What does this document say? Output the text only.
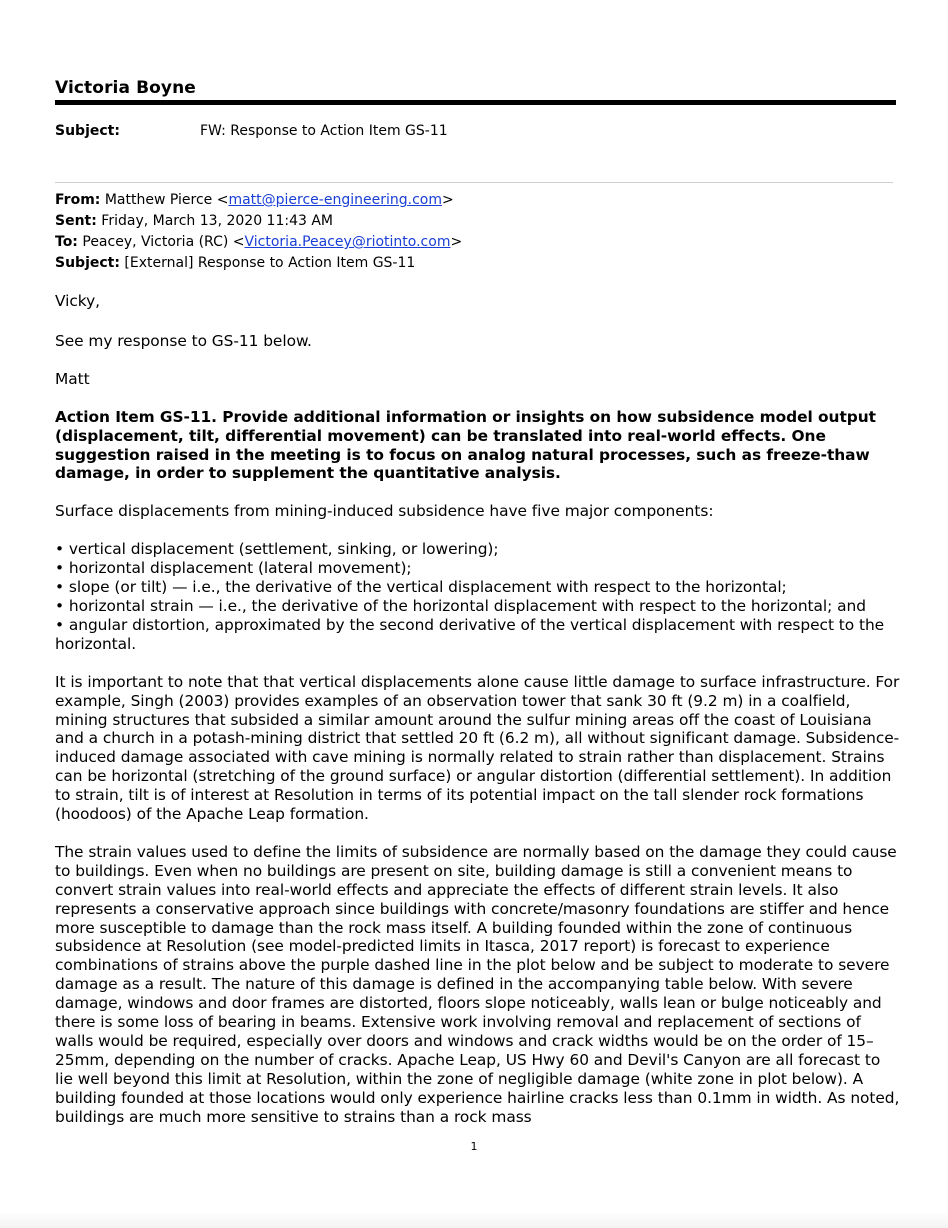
Victoria Boyne
Subject:	FW: Response to Action Item GS-11
From: Matthew Pierce <matt@pierce-engineering.com>
Sent: Friday, March 13, 2020 11:43 AM
To: Peacey, Victoria (RC) <Victoria.Peacey@riotinto.com>
Subject: [External] Response to Action Item GS-11

Vicky,

See my response to GS-11 below.

Matt

Action Item GS-11. Provide additional information or insights on how subsidence model output (displacement, tilt, differential movement) can be translated into real-world effects. One suggestion raised in the meeting is to focus on analog natural processes, such as freeze-thaw damage, in order to supplement the quantitative analysis.

Surface displacements from mining-induced subsidence have five major components:

• vertical displacement (settlement, sinking, or lowering);
• horizontal displacement (lateral movement);
• slope (or tilt) — i.e., the derivative of the vertical displacement with respect to the horizontal;
• horizontal strain — i.e., the derivative of the horizontal displacement with respect to the horizontal; and
• angular distortion, approximated by the second derivative of the vertical displacement with respect to the horizontal.

It is important to note that that vertical displacements alone cause little damage to surface infrastructure. For example, Singh (2003) provides examples of an observation tower that sank 30 ft (9.2 m) in a coalfield, mining structures that subsided a similar amount around the sulfur mining areas off the coast of Louisiana and a church in a potash-mining district that settled 20 ft (6.2 m), all without significant damage. Subsidence-induced damage associated with cave mining is normally related to strain rather than displacement. Strains can be horizontal (stretching of the ground surface) or angular distortion (differential settlement). In addition to strain, tilt is of interest at Resolution in terms of its potential impact on the tall slender rock formations (hoodoos) of the Apache Leap formation.

The strain values used to define the limits of subsidence are normally based on the damage they could cause to buildings. Even when no buildings are present on site, building damage is still a convenient means to convert strain values into real-world effects and appreciate the effects of different strain levels. It also represents a conservative approach since buildings with concrete/masonry foundations are stiffer and hence more susceptible to damage than the rock mass itself. A building founded within the zone of continuous subsidence at Resolution (see model-predicted limits in Itasca, 2017 report) is forecast to experience combinations of strains above the purple dashed line in the plot below and be subject to moderate to severe damage as a result. The nature of this damage is defined in the accompanying table below. With severe damage, windows and door frames are distorted, floors slope noticeably, walls lean or bulge noticeably and there is some loss of bearing in beams. Extensive work involving removal and replacement of sections of walls would be required, especially over doors and windows and crack widths would be on the order of 15–25mm, depending on the number of cracks. Apache Leap, US Hwy 60 and Devil's Canyon are all forecast to lie well beyond this limit at Resolution, within the zone of negligible damage (white zone in plot below). A building founded at those locations would only experience hairline cracks less than 0.1mm in width. As noted, buildings are much more sensitive to strains than a rock mass

1
